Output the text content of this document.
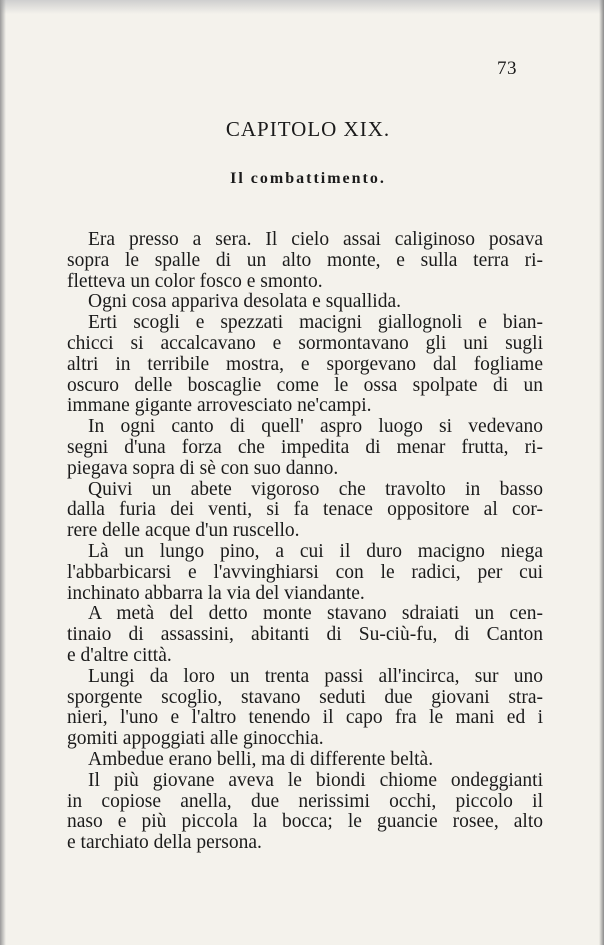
73
CAPITOLO XIX.
Il combattimento.
Era presso a sera. Il cielo assai caliginoso posava
sopra le spalle di un alto monte, e sulla terra ri-
fletteva un color fosco e smonto.
Ogni cosa appariva desolata e squallida.
Erti scogli e spezzati macigni giallognoli e bian-
chicci si accalcavano e sormontavano gli uni sugli
altri in terribile mostra, e sporgevano dal fogliame
oscuro delle boscaglie come le ossa spolpate di un
immane gigante arrovesciato ne'campi.
In ogni canto di quell' aspro luogo si vedevano
segni d'una forza che impedita di menar frutta, ri-
piegava sopra di sè con suo danno.
Quivi un abete vigoroso che travolto in basso
dalla furia dei venti, si fa tenace oppositore al cor-
rere delle acque d'un ruscello.
Là un lungo pino, a cui il duro macigno niega
l'abbarbicarsi e l'avvinghiarsi con le radici, per cui
inchinato abbarra la via del viandante.
A metà del detto monte stavano sdraiati un cen-
tinaio di assassini, abitanti di Su-ciù-fu, di Canton
e d'altre città.
Lungi da loro un trenta passi all'incirca, sur uno
sporgente scoglio, stavano seduti due giovani stra-
nieri, l'uno e l'altro tenendo il capo fra le mani ed i
gomiti appoggiati alle ginocchia.
Ambedue erano belli, ma di differente beltà.
Il più giovane aveva le biondi chiome ondeggianti
in copiose anella, due nerissimi occhi, piccolo il
naso e più piccola la bocca; le guancie rosee, alto
e tarchiato della persona.
